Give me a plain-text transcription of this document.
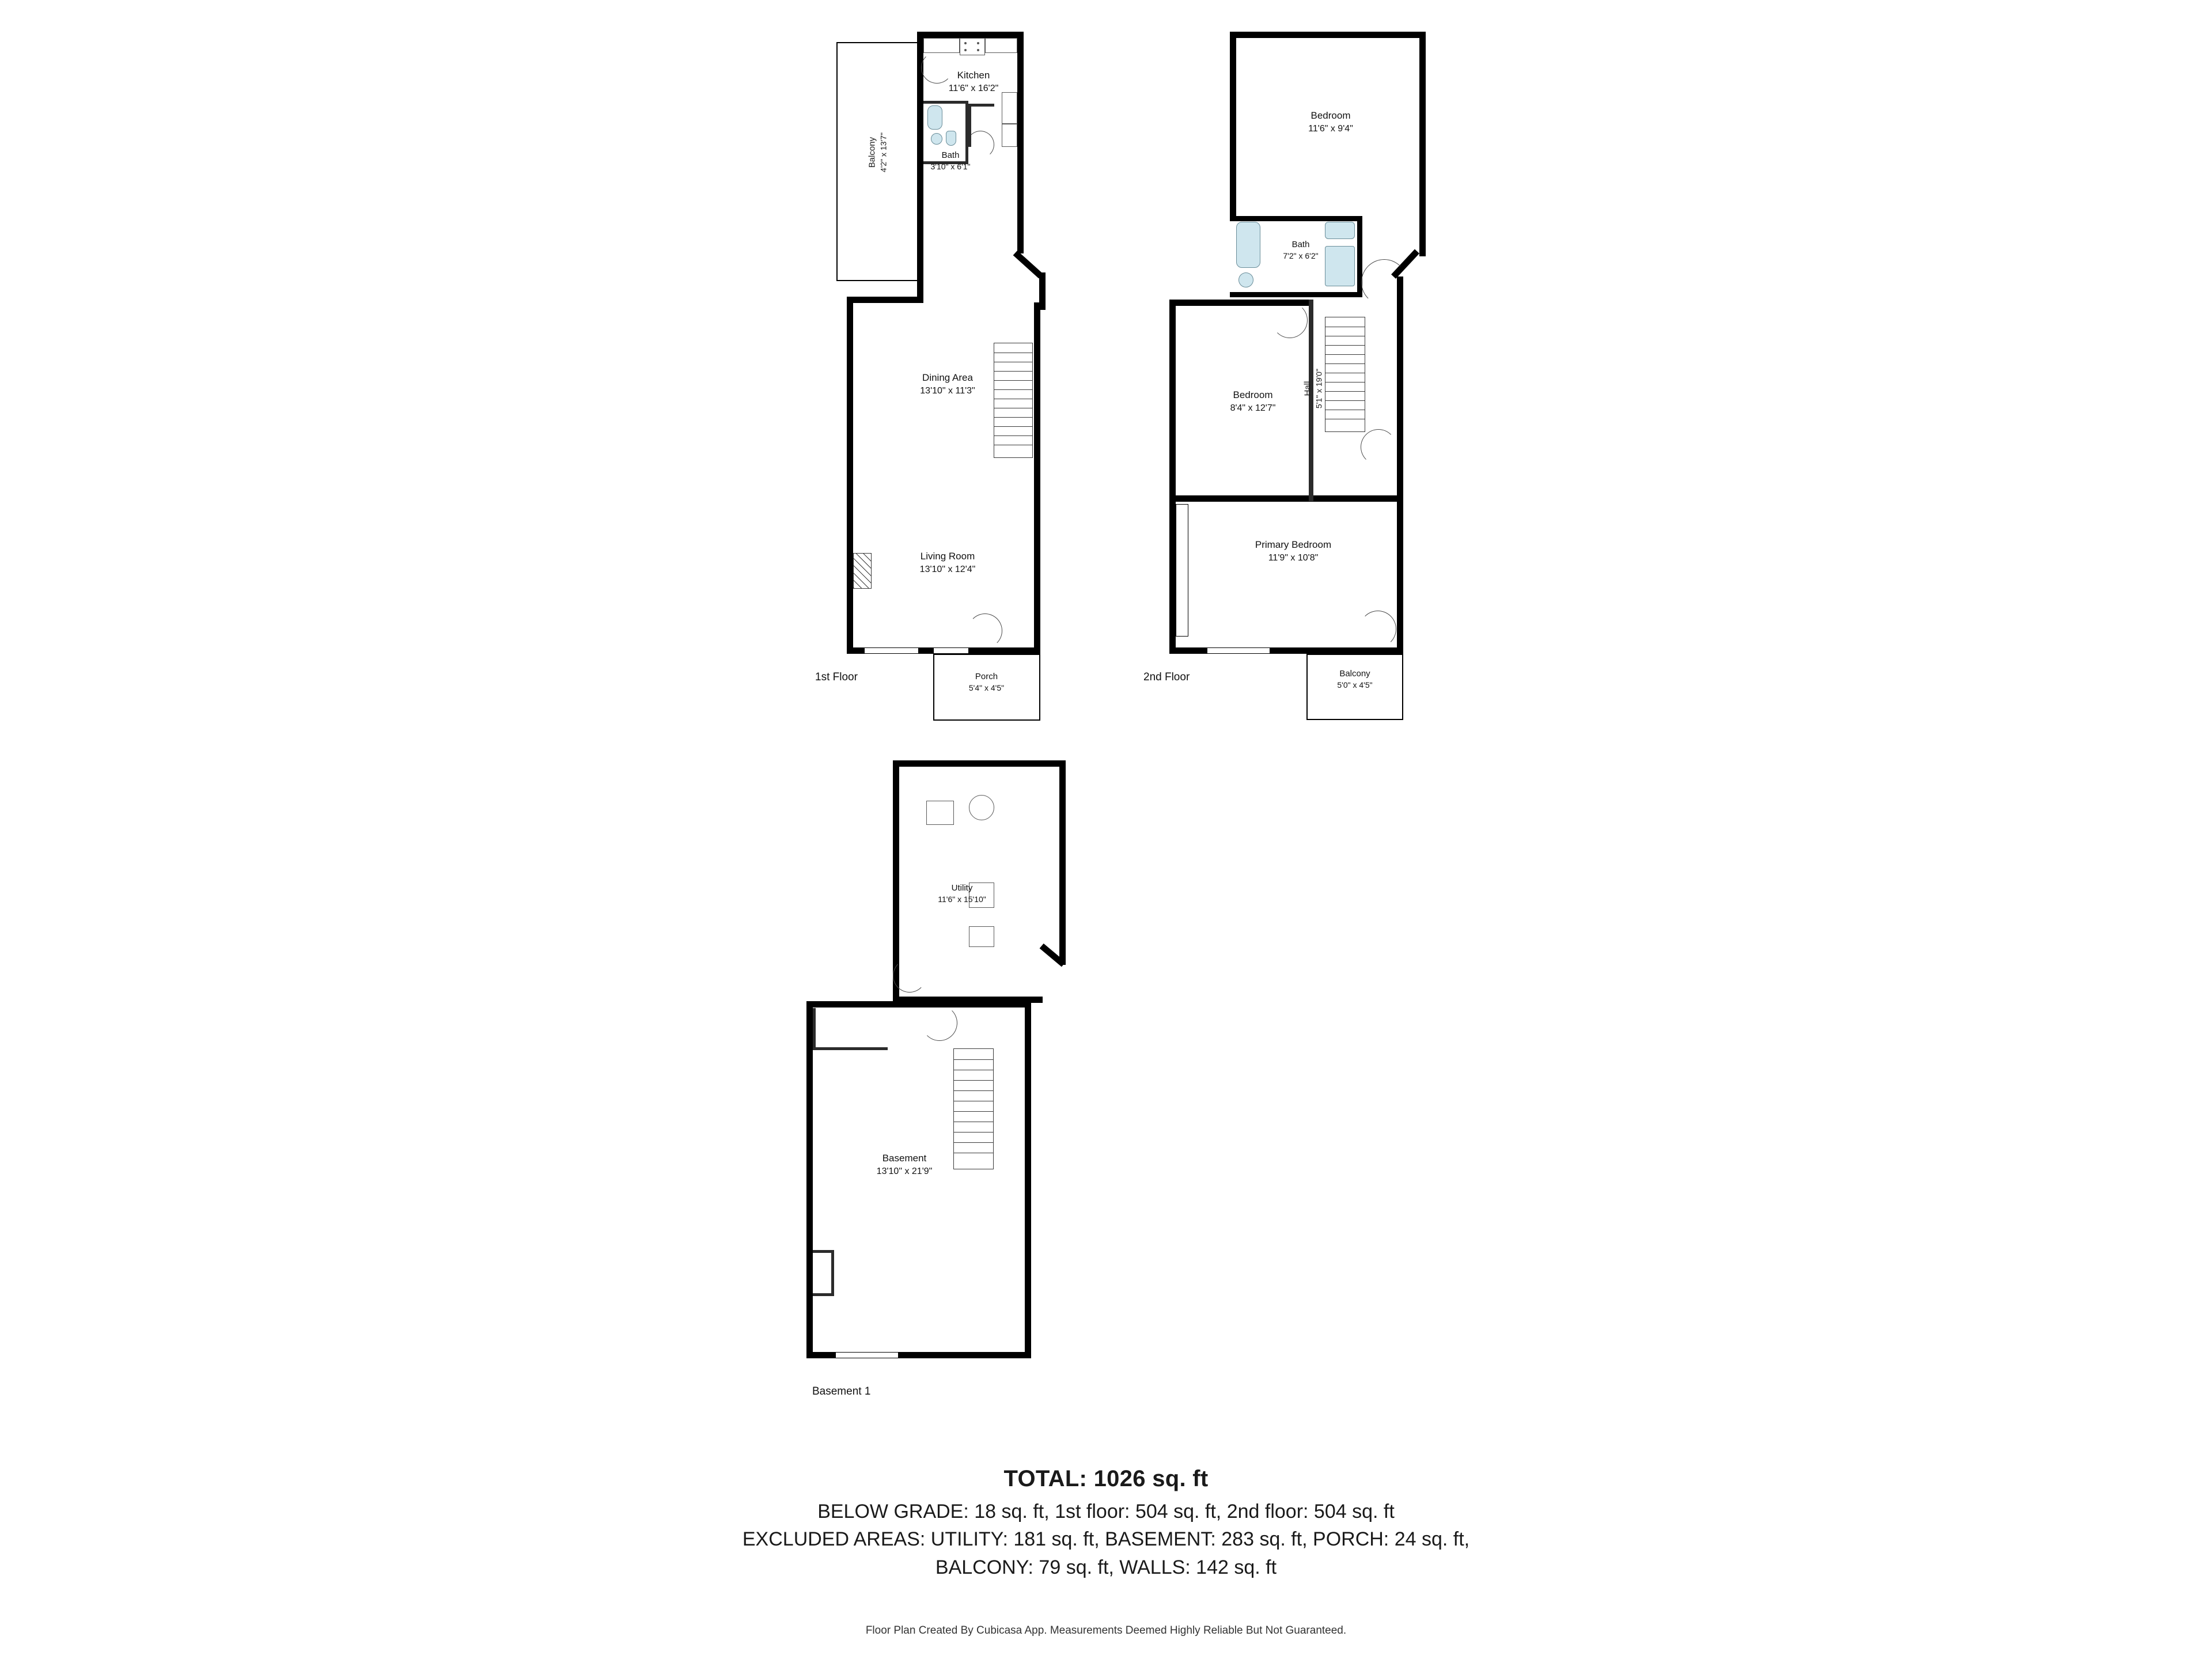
Balcony 4'2" x 13'7"	Bath
3'10" x 6'1"
Kitchen
11'6" x 16'2"
Dining Area
13'10" x 11'3"
Living Room
13'10" x 12'4"
Porch
5'4" x 4'5"
1st Floor
Bedroom
11'6" x 9'4"
Bath
7'2" x 6'2"
Bedroom
8'4" x 12'7"
Hall 5'1" x 19'0"
Primary Bedroom
11'9" x 10'8"
Balcony
5'0" x 4'5"
2nd Floor
Utility
11'6" x 15'10"
Basement
13'10" x 21'9"
Basement 1
TOTAL: 1026 sq. ft
BELOW GRADE: 18 sq. ft, 1st floor: 504 sq. ft, 2nd floor: 504 sq. ft
EXCLUDED AREAS: UTILITY: 181 sq. ft, BASEMENT: 283 sq. ft, PORCH: 24 sq. ft,
BALCONY: 79 sq. ft, WALLS: 142 sq. ft
Floor Plan Created By Cubicasa App. Measurements Deemed Highly Reliable But Not Guaranteed.
